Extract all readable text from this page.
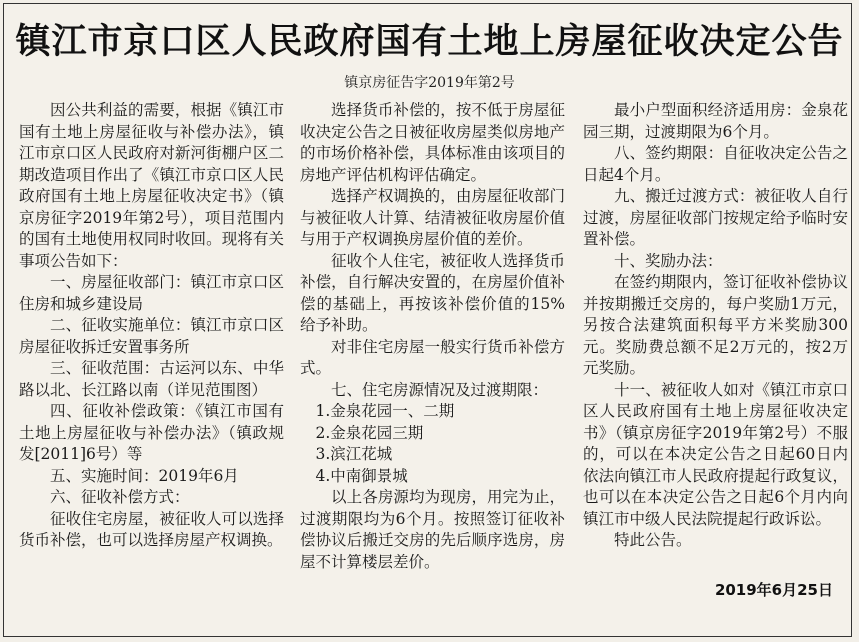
镇江市京口区人民政府国有土地上房屋征收决定公告
镇京房征告字2019年第2号

因公共利益的需要，根据《镇江市国有土地上房屋征收与补偿办法》，镇江市京口区人民政府对新河街棚户区二期改造项目作出了《镇江市京口区人民政府国有土地上房屋征收决定书》（镇京房征字2019年第2号），项目范围内的国有土地使用权同时收回。现将有关事项公告如下：

一、房屋征收部门：镇江市京口区住房和城乡建设局

二、征收实施单位：镇江市京口区房屋征收拆迁安置事务所

三、征收范围：古运河以东、中华路以北、长江路以南（详见范围图）

四、征收补偿政策：《镇江市国有土地上房屋征收与补偿办法》（镇政规发[2011]6号）等

五、实施时间：2019年6月

六、征收补偿方式：

征收住宅房屋，被征收人可以选择货币补偿，也可以选择房屋产权调换。

选择货币补偿的，按不低于房屋征收决定公告之日被征收房屋类似房地产的市场价格补偿，具体标准由该项目的房地产评估机构评估确定。

选择产权调换的，由房屋征收部门与被征收人计算、结清被征收房屋价值与用于产权调换房屋价值的差价。

征收个人住宅，被征收人选择货币补偿，自行解决安置的，在房屋价值补偿的基础上，再按该补偿价值的15%给予补助。

对非住宅房屋一般实行货币补偿方式。

七、住宅房源情况及过渡期限：

1.金泉花园一、二期

2.金泉花园三期

3.滨江花城

4.中南御景城

以上各房源均为现房，用完为止，过渡期限均为6个月。按照签订征收补偿协议后搬迁交房的先后顺序选房，房屋不计算楼层差价。

最小户型面积经济适用房：金泉花园三期，过渡期限为6个月。

八、签约期限：自征收决定公告之日起4个月。

九、搬迁过渡方式：被征收人自行过渡，房屋征收部门按规定给予临时安置补偿。

十、奖励办法：

在签约期限内，签订征收补偿协议并按期搬迁交房的，每户奖励1万元，另按合法建筑面积每平方米奖励300元。奖励费总额不足2万元的，按2万元奖励。

十一、被征收人如对《镇江市京口区人民政府国有土地上房屋征收决定书》（镇京房征字2019年第2号）不服的，可以在本决定公告之日起60日内依法向镇江市人民政府提起行政复议，也可以在本决定公告之日起6个月内向镇江市中级人民法院提起行政诉讼。

特此公告。

2019年6月25日
